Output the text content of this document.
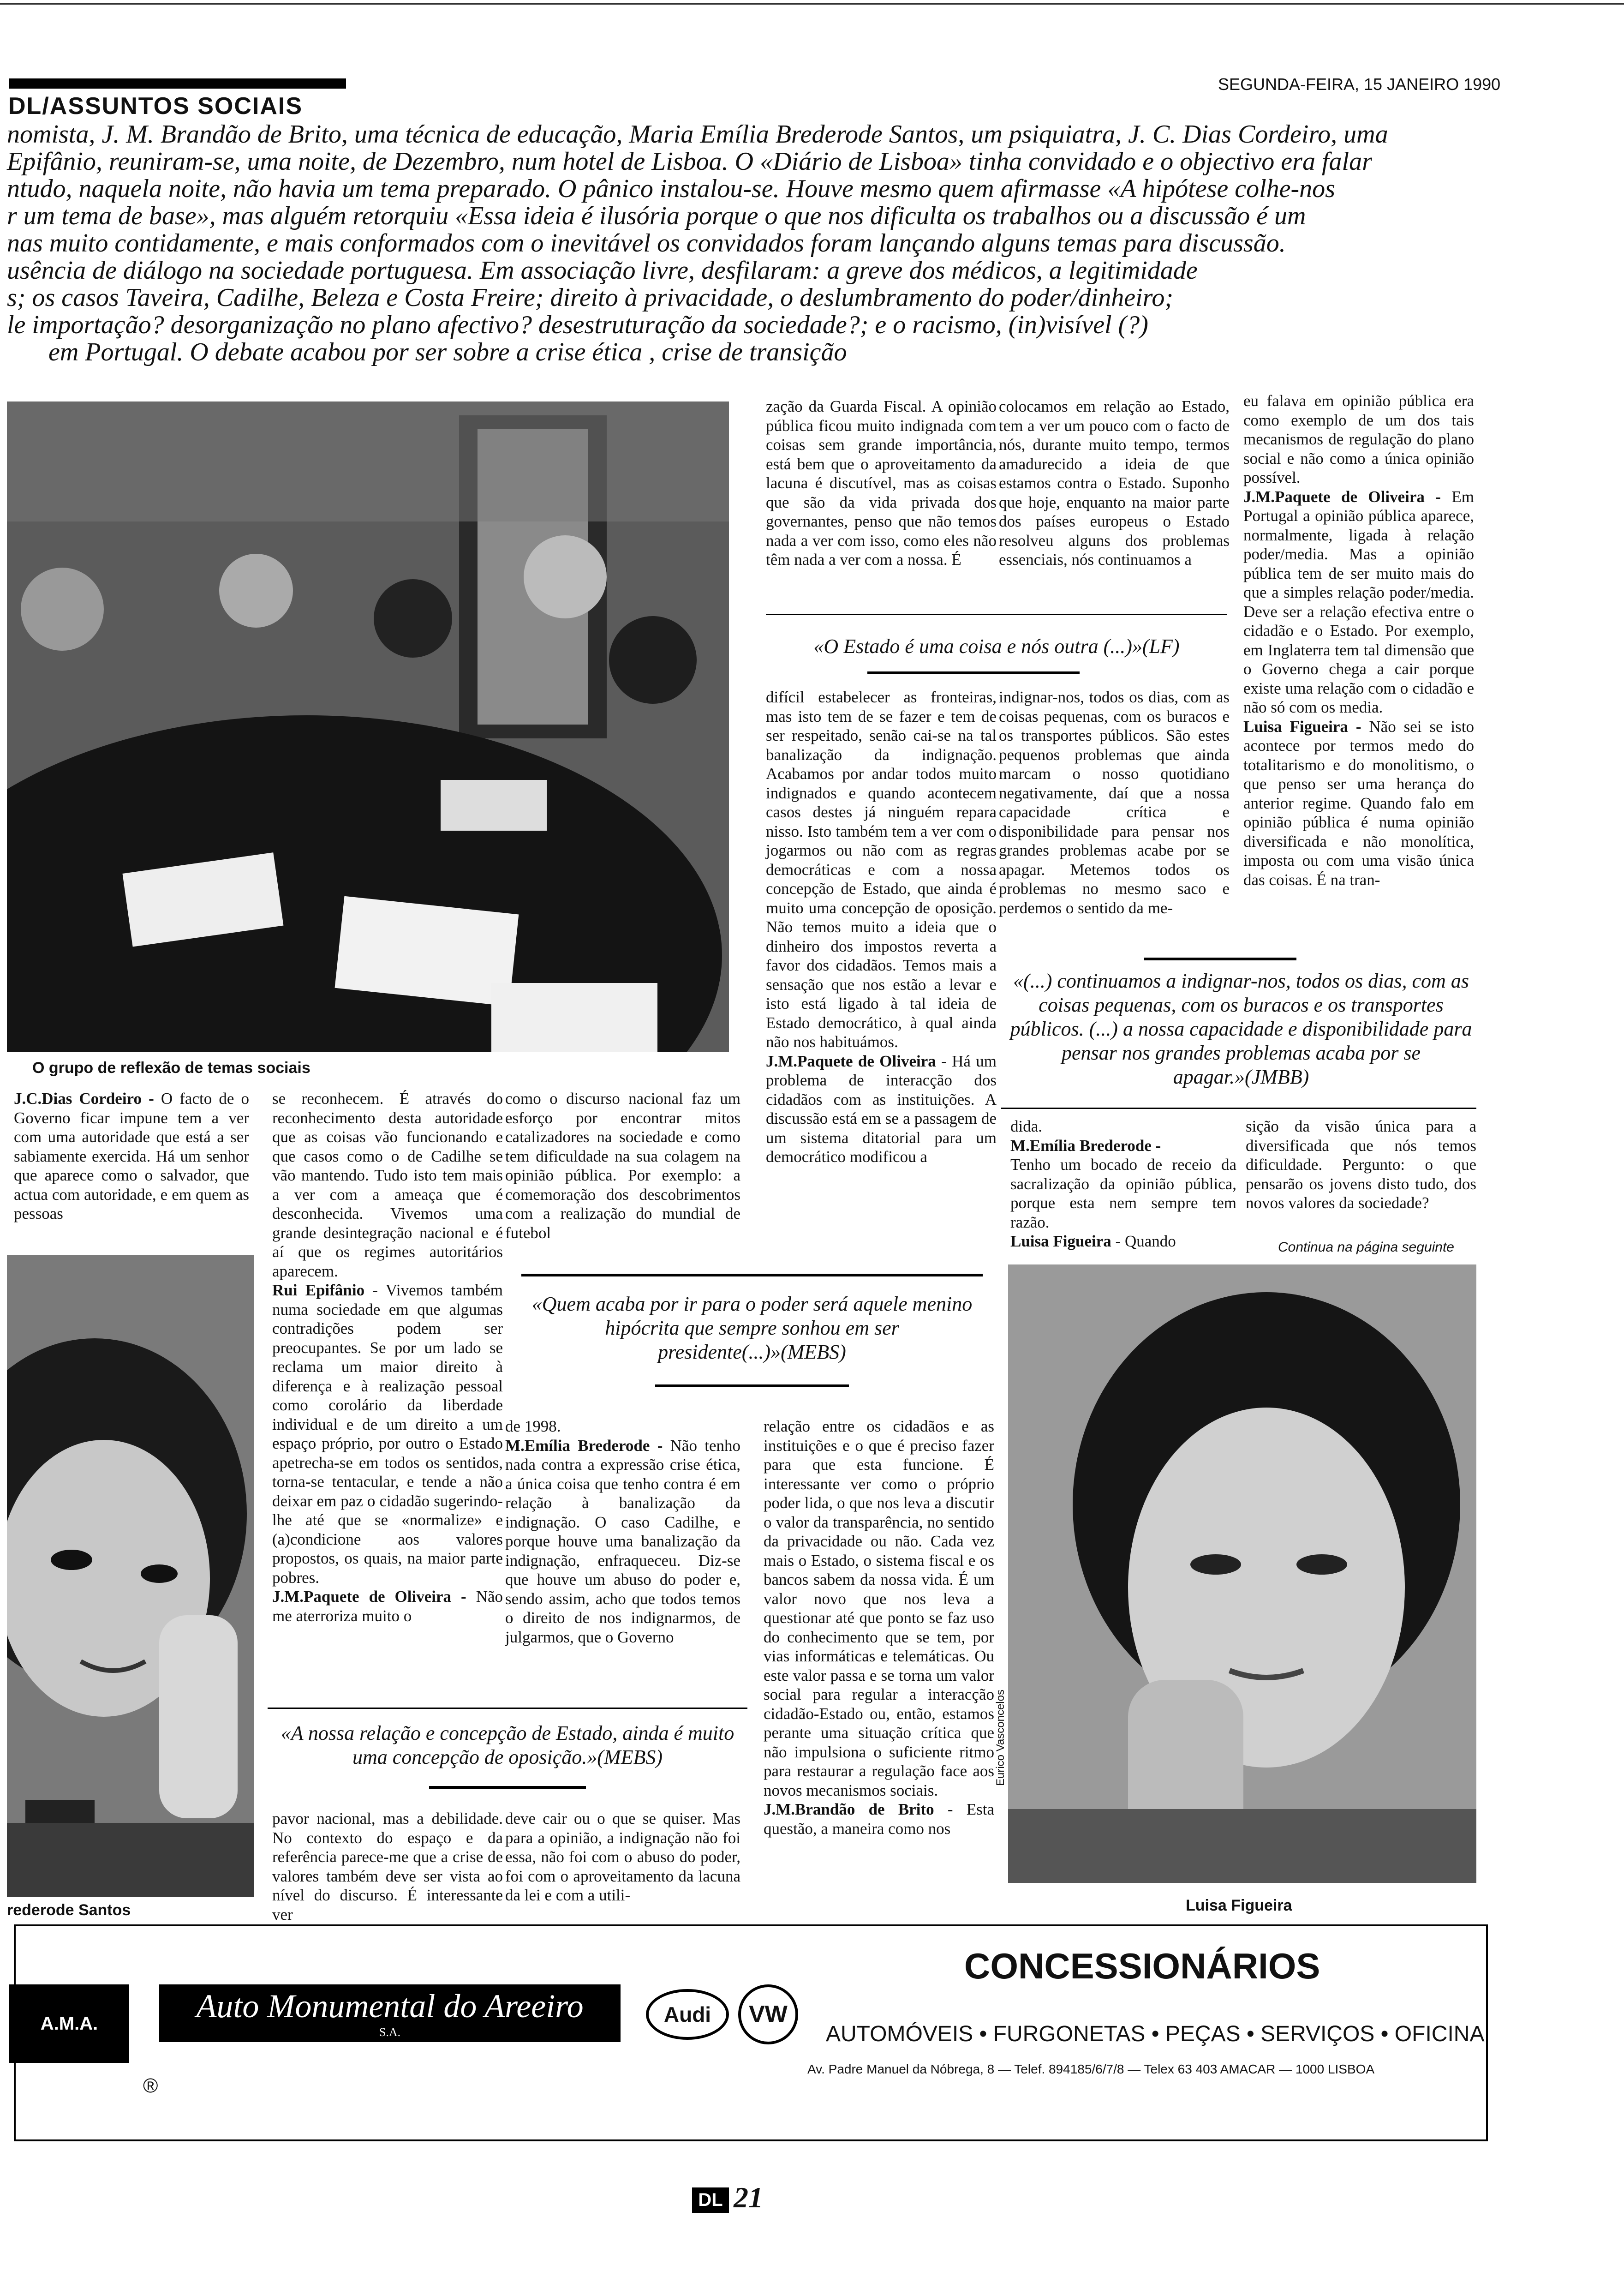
DL/ASSUNTOS SOCIAIS
SEGUNDA-FEIRA, 15 JANEIRO 1990
nomista, J. M. Brandão de Brito, uma técnica de educação, Maria Emília Brederode Santos, um psiquiatra, J. C. Dias Cordeiro, uma
Epifânio, reuniram-se, uma noite, de Dezembro, num hotel de Lisboa. O «Diário de Lisboa» tinha convidado e o objectivo era falar
ntudo, naquela noite, não havia um tema preparado. O pânico instalou-se. Houve mesmo quem afirmasse «A hipótese colhe-nos
r um tema de base», mas alguém retorquiu «Essa ideia é ilusória porque o que nos dificulta os trabalhos ou a discussão é um
nas muito contidamente, e mais conformados com o inevitável os convidados foram lançando alguns temas para discussão.
usência de diálogo na sociedade portuguesa. Em associação livre, desfilaram: a greve dos médicos, a legitimidade
s; os casos Taveira, Cadilhe, Beleza e Costa Freire; direito à privacidade, o deslumbramento do poder/dinheiro;
le importação? desorganização no plano afectivo? desestruturação da sociedade?; e o racismo, (in)visível (?)
em Portugal. O debate acabou por ser sobre a crise ética , crise de transição
O grupo de reflexão de temas sociais

zação da Guarda Fiscal. A opinião pública ficou muito indignada com coisas sem grande importância, está bem que o aproveitamento da lacuna é discutível, mas as coisas que são da vida privada dos governantes, penso que não temos nada a ver com isso, como eles não têm nada a ver com a nossa. É

colocamos em relação ao Estado, tem a ver um pouco com o facto de nós, durante muito tempo, termos amadurecido a ideia de que estamos contra o Estado. Suponho que hoje, enquanto na maior parte dos países europeus o Estado resolveu alguns dos problemas essenciais, nós continuamos a

eu falava em opinião pública era como exemplo de um dos tais mecanismos de regulação do plano social e não como a única opinião possível.

J.M.Paquete de Oliveira - Em Portugal a opinião pública aparece, normalmente, ligada à relação poder/media. Mas a opinião pública tem de ser muito mais do que a simples relação poder/media. Deve ser a relação efectiva entre o cidadão e o Estado. Por exemplo, em Inglaterra tem tal dimensão que o Governo chega a cair porque existe uma relação com o cidadão e não só com os media.

Luisa Figueira - Não sei se isto acontece por termos medo do totalitarismo e do monolitismo, o que penso ser uma herança do anterior regime. Quando falo em opinião pública é numa opinião diversificada e não monolítica, imposta ou com uma visão única das coisas. É na tran-

«O Estado é uma coisa e nós outra (...)»(LF)

difícil estabelecer as fronteiras, mas isto tem de se fazer e tem de ser respeitado, senão cai-se na tal banalização da indignação. Acabamos por andar todos muito indignados e quando acontecem casos destes já ninguém repara nisso. Isto também tem a ver com o jogarmos ou não com as regras democráticas e com a nossa concepção de Estado, que ainda é muito uma concepção de oposição. Não temos muito a ideia que o dinheiro dos impostos reverta a favor dos cidadãos. Temos mais a sensação que nos estão a levar e isto está ligado à tal ideia de Estado democrático, à qual ainda não nos habituámos.

J.M.Paquete de Oliveira - Há um problema de interacção dos cidadãos com as instituições. A discussão está em se a passagem de um sistema ditatorial para um democrático modificou a

indignar-nos, todos os dias, com as coisas pequenas, com os buracos e os transportes públicos. São estes pequenos problemas que ainda marcam o nosso quotidiano negativamente, daí que a nossa capacidade crítica e disponibilidade para pensar nos grandes problemas acabe por se apagar. Metemos todos os problemas no mesmo saco e perdemos o sentido da me-

«(...) continuamos a indignar-nos, todos os dias, com as coisas pequenas, com os buracos e os transportes públicos. (...) a nossa capacidade e disponibilidade para pensar nos grandes problemas acaba por se apagar.»(JMBB)

J.C.Dias Cordeiro - O facto de o Governo ficar impune tem a ver com uma autoridade que está a ser sabiamente exercida. Há um senhor que aparece como o salvador, que actua com autoridade, e em quem as pessoas

se reconhecem. É através do reconhecimento desta autoridade que as coisas vão funcionando e que casos como o de Cadilhe se vão mantendo. Tudo isto tem mais a ver com a ameaça que é desconhecida. Vivemos uma grande desintegração nacional e é aí que os regimes autoritários aparecem.

Rui Epifânio - Vivemos também numa sociedade em que algumas contradições podem ser preocupantes. Se por um lado se reclama um maior direito à diferença e à realização pessoal como corolário da liberdade individual e de um direito a um espaço próprio, por outro o Estado apetrecha-se em todos os sentidos, torna-se tentacular, e tende a não deixar em paz o cidadão sugerindo-lhe até que se «normalize» e (a)condicione aos valores propostos, os quais, na maior parte pobres.

J.M.Paquete de Oliveira - Não me aterroriza muito o

como o discurso nacional faz um esforço por encontrar mitos catalizadores na sociedade e como tem dificuldade na sua colagem na opinião pública. Por exemplo: a comemoração dos descobrimentos com a realização do mundial de futebol

dida.

M.Emília Brederode -

Tenho um bocado de receio da sacralização da opinião pública, porque esta nem sempre tem razão.

Luisa Figueira - Quando

sição da visão única para a diversificada que nós temos dificuldade. Pergunto: o que pensarão os jovens disto tudo, dos novos valores da sociedade?

Continua na página seguinte
«Quem acaba por ir para o poder será aquele menino hipócrita que sempre sonhou em ser presidente(...)»(MEBS)
rederode Santos

de 1998.

M.Emília Brederode - Não tenho nada contra a expressão crise ética, a única coisa que tenho contra é em relação à banalização da indignação. O caso Cadilhe, e porque houve uma banalização da indignação, enfraqueceu. Diz-se que houve um abuso do poder e, sendo assim, acho que todos temos o direito de nos indignarmos, de julgarmos, que o Governo

relação entre os cidadãos e as instituições e o que é preciso fazer para que esta funcione. É interessante ver como o próprio poder lida, o que nos leva a discutir o valor da transparência, no sentido da privacidade ou não. Cada vez mais o Estado, o sistema fiscal e os bancos sabem da nossa vida. É um valor novo que nos leva a questionar até que ponto se faz uso do conhecimento que se tem, por vias informáticas e telemáticas. Ou este valor passa e se torna um valor social para regular a interacção cidadão-Estado ou, então, estamos perante uma situação crítica que não impulsiona o suficiente ritmo para restaurar a regulação face aos novos mecanismos sociais.

J.M.Brandão de Brito - Esta questão, a maneira como nos

«A nossa relação e concepção de Estado, ainda é muito uma concepção de oposição.»(MEBS)

pavor nacional, mas a debilidade. No contexto do espaço e da referência parece-me que a crise de valores também deve ser vista ao nível do discurso. É interessante ver

deve cair ou o que se quiser. Mas para a opinião, a indignação não foi essa, não foi com o abuso do poder, foi com o aproveitamento da lacuna da lei e com a utili-

Eurico Vasconcelos
Luisa Figueira
A.M.A.	Auto Monumental do Areeiro
S.A.
Audi	VW
®
CONCESSIONÁRIOS
AUTOMÓVEIS • FURGONETAS • PEÇAS • SERVIÇOS • OFICINA
Av. Padre Manuel da Nóbrega, 8 — Telef. 894185/6/7/8 — Telex 63 403 AMACAR — 1000 LISBOA
DL 21
